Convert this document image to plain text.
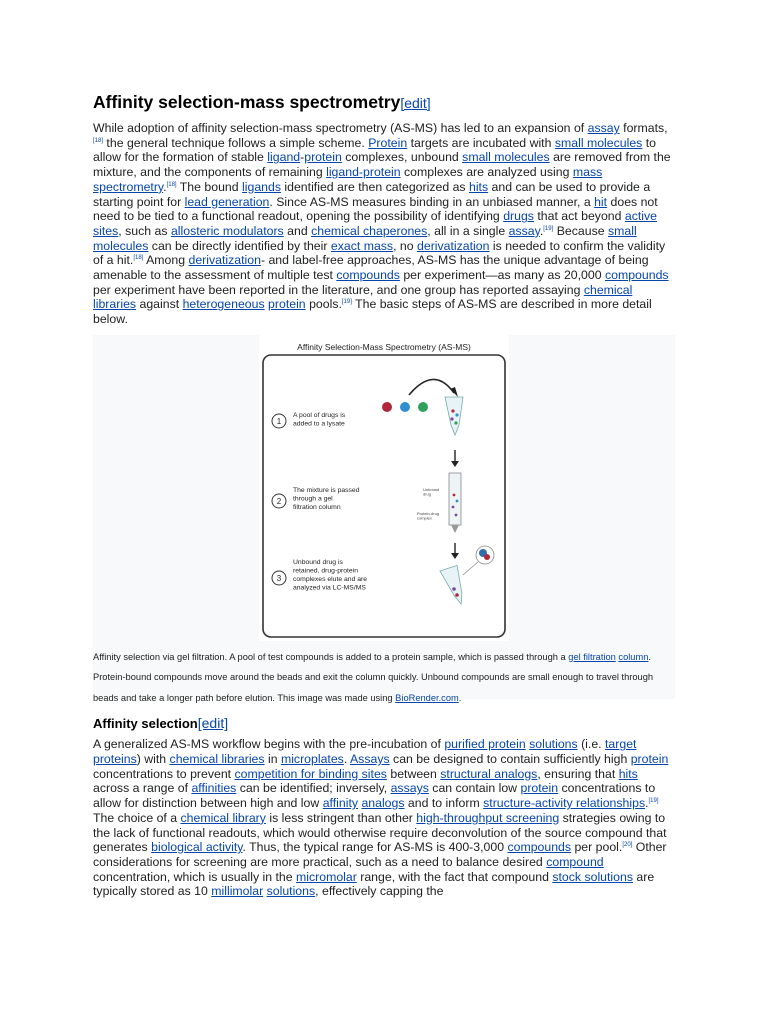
Affinity selection-mass spectrometry[edit]

While adoption of affinity selection-mass spectrometry (AS-MS) has led to an expansion of assay formats,[18] the general technique follows a simple scheme. Protein targets are incubated with small molecules to allow for the formation of stable ligand-protein complexes, unbound small molecules are removed from the mixture, and the components of remaining ligand-protein complexes are analyzed using mass spectrometry.[18] The bound ligands identified are then categorized as hits and can be used to provide a starting point for lead generation. Since AS-MS measures binding in an unbiased manner, a hit does not need to be tied to a functional readout, opening the possibility of identifying drugs that act beyond active sites, such as allosteric modulators and chemical chaperones, all in a single assay.[19] Because small molecules can be directly identified by their exact mass, no derivatization is needed to confirm the validity of a hit.[18] Among derivatization- and label-free approaches, AS-MS has the unique advantage of being amenable to the assessment of multiple test compounds per experiment—as many as 20,000 compounds per experiment have been reported in the literature, and one group has reported assaying chemical libraries against heterogeneous protein pools.[19] The basic steps of AS-MS are described in more detail below.

Affinity Selection-Mass Spectrometry (AS-MS)
1
A pool of drugs is added to a lysate
2
The mixture is passed through a gel filtration column
3
Unbound drug is retained, drug-protein complexes elute and are analyzed via LC-MS/MS
Unbound drug
Protein-drug complex
Affinity selection via gel filtration. A pool of test compounds is added to a protein sample, which is passed through a gel filtration column. Protein-bound compounds move around the beads and exit the column quickly. Unbound compounds are small enough to travel through beads and take a longer path before elution. This image was made using BioRender.com.
Affinity selection[edit]

A generalized AS-MS workflow begins with the pre-incubation of purified protein solutions (i.e. target proteins) with chemical libraries in microplates. Assays can be designed to contain sufficiently high protein concentrations to prevent competition for binding sites between structural analogs, ensuring that hits across a range of affinities can be identified; inversely, assays can contain low protein concentrations to allow for distinction between high and low affinity analogs and to inform structure-activity relationships.[19] The choice of a chemical library is less stringent than other high-throughput screening strategies owing to the lack of functional readouts, which would otherwise require deconvolution of the source compound that generates biological activity. Thus, the typical range for AS-MS is 400-3,000 compounds per pool.[20] Other considerations for screening are more practical, such as a need to balance desired compound concentration, which is usually in the micromolar range, with the fact that compound stock solutions are typically stored as 10 millimolar solutions, effectively capping the
